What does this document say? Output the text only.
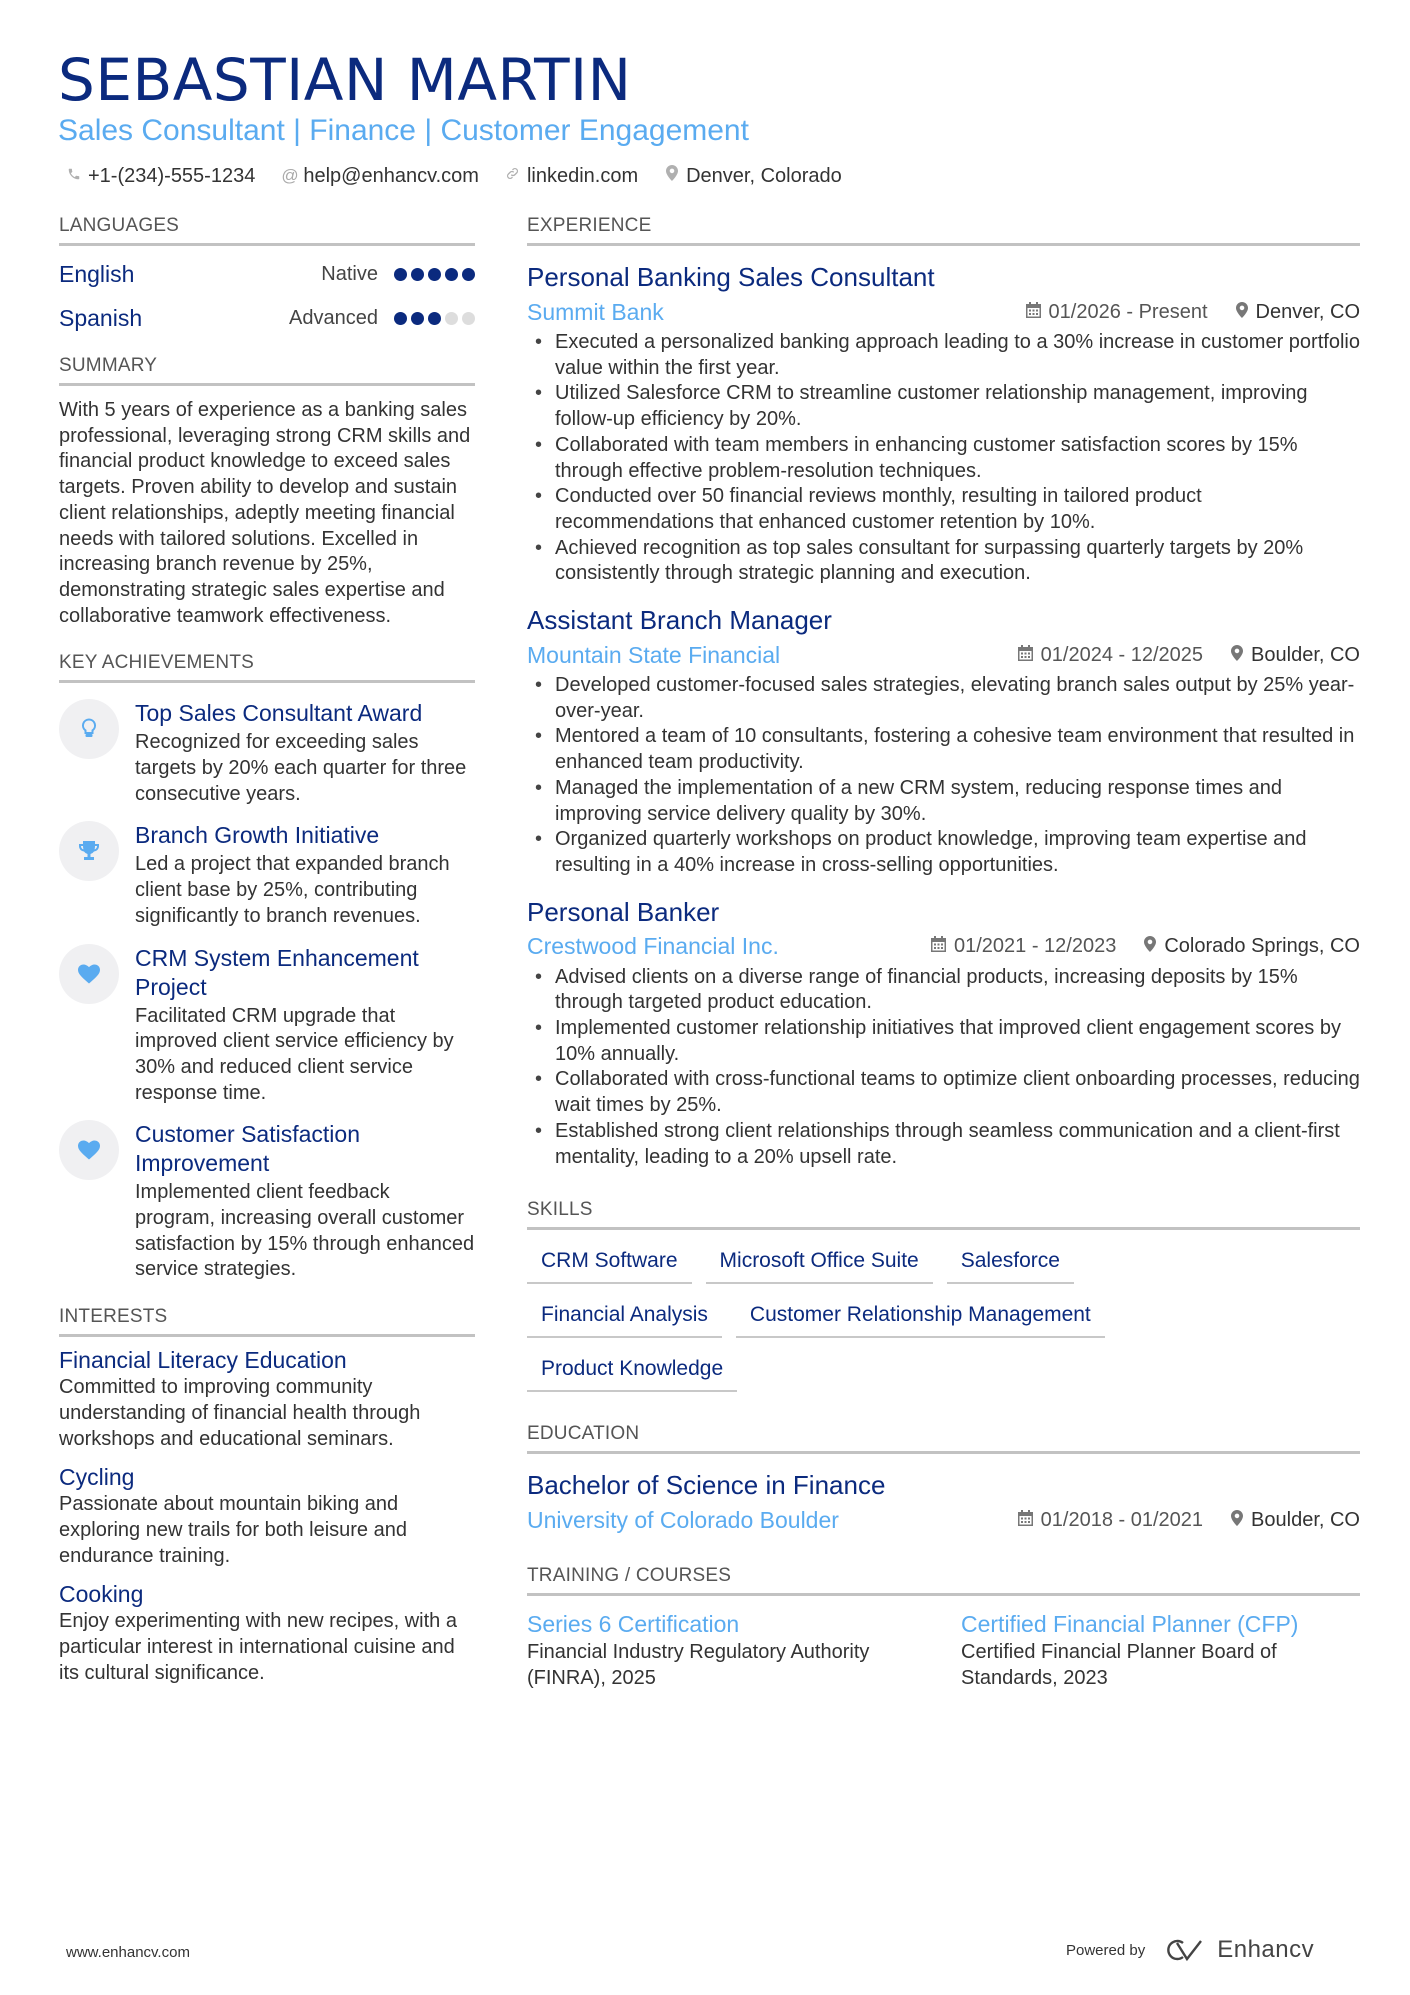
SEBASTIAN MARTIN
Sales Consultant | Finance | Customer Engagement
+1-(234)-555-1234 @ help@enhancv.com linkedin.com Denver, Colorado
LANGUAGES
English	Native
Spanish	Advanced
SUMMARY

With 5 years of experience as a banking sales professional, leveraging strong CRM skills and financial product knowledge to exceed sales targets. Proven ability to develop and sustain client relationships, adeptly meeting financial needs with tailored solutions. Excelled in increasing branch revenue by 25%, demonstrating strategic sales expertise and collaborative teamwork effectiveness.

KEY ACHIEVEMENTS
Top Sales Consultant Award
Recognized for exceeding sales targets by 20% each quarter for three consecutive years.
Branch Growth Initiative
Led a project that expanded branch client base by 25%, contributing significantly to branch revenues.
CRM System Enhancement Project
Facilitated CRM upgrade that improved client service efficiency by 30% and reduced client service response time.
Customer Satisfaction Improvement
Implemented client feedback program, increasing overall customer satisfaction by 15% through enhanced service strategies.
INTERESTS
Financial Literacy Education
Committed to improving community understanding of financial health through workshops and educational seminars.
Cycling
Passionate about mountain biking and exploring new trails for both leisure and endurance training.
Cooking
Enjoy experimenting with new recipes, with a particular interest in international cuisine and its cultural significance.
EXPERIENCE
Personal Banking Sales Consultant
Summit Bank	01/2026 - Present Denver, CO
• Executed a personalized banking approach leading to a 30% increase in customer portfolio value within the first year.
• Utilized Salesforce CRM to streamline customer relationship management, improving follow-up efficiency by 20%.
• Collaborated with team members in enhancing customer satisfaction scores by 15% through effective problem-resolution techniques.
• Conducted over 50 financial reviews monthly, resulting in tailored product recommendations that enhanced customer retention by 10%.
• Achieved recognition as top sales consultant for surpassing quarterly targets by 20% consistently through strategic planning and execution.
Assistant Branch Manager
Mountain State Financial	01/2024 - 12/2025 Boulder, CO
• Developed customer-focused sales strategies, elevating branch sales output by 25% year-over-year.
• Mentored a team of 10 consultants, fostering a cohesive team environment that resulted in enhanced team productivity.
• Managed the implementation of a new CRM system, reducing response times and improving service delivery quality by 30%.
• Organized quarterly workshops on product knowledge, improving team expertise and resulting in a 40% increase in cross-selling opportunities.
Personal Banker
Crestwood Financial Inc.	01/2021 - 12/2023 Colorado Springs, CO
• Advised clients on a diverse range of financial products, increasing deposits by 15% through targeted product education.
• Implemented customer relationship initiatives that improved client engagement scores by 10% annually.
• Collaborated with cross-functional teams to optimize client onboarding processes, reducing wait times by 25%.
• Established strong client relationships through seamless communication and a client-first mentality, leading to a 20% upsell rate.
SKILLS
CRM Software	Microsoft Office Suite	Salesforce
Financial Analysis	Customer Relationship Management
Product Knowledge
EDUCATION
Bachelor of Science in Finance
University of Colorado Boulder	01/2018 - 01/2021 Boulder, CO
TRAINING / COURSES
Series 6 Certification
Financial Industry Regulatory Authority (FINRA), 2025
Certified Financial Planner (CFP)
Certified Financial Planner Board of Standards, 2023
www.enhancv.com	Powered by	Enhancv
